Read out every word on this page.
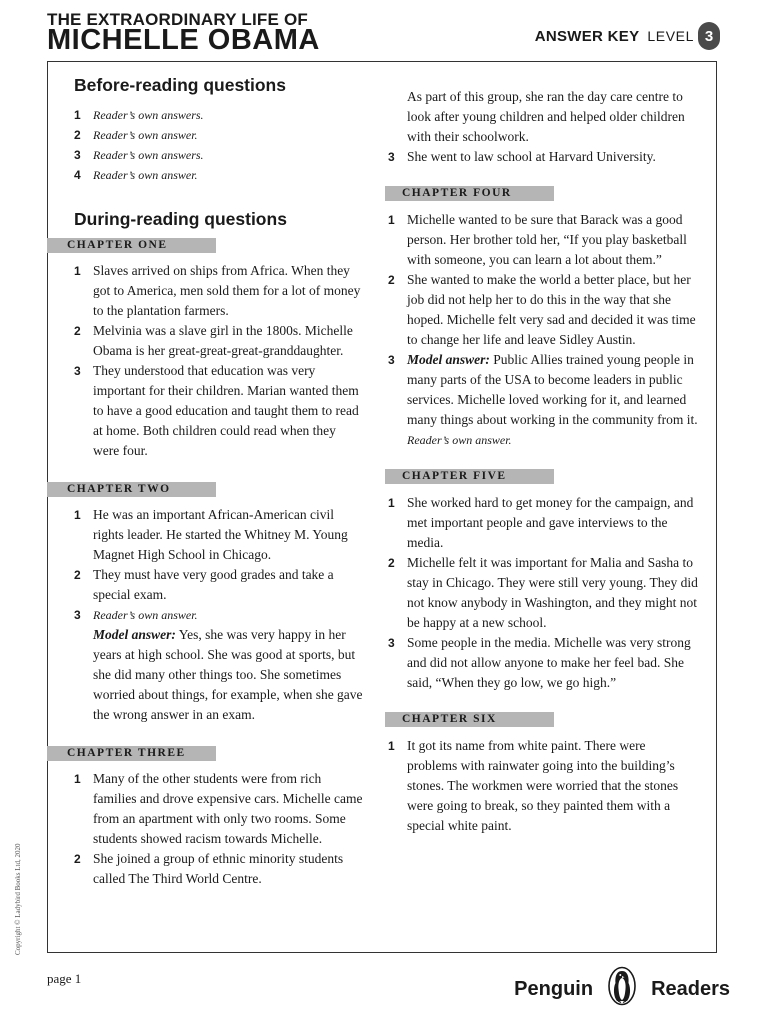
THE EXTRAORDINARY LIFE OF
MICHELLE OBAMA	ANSWER KEY LEVEL 3
Before-reading questions
1 Reader’s own answers.
2 Reader’s own answer.
3 Reader’s own answers.
4 Reader’s own answer.
During-reading questions
CHAPTER ONE
1 Slaves arrived on ships from Africa. When they got to America, men sold them for a lot of money to the plantation farmers.
2 Melvinia was a slave girl in the 1800s. Michelle Obama is her great-great-great-granddaughter.
3 They understood that education was very important for their children. Marian wanted them to have a good education and taught them to read at home. Both children could read when they were four.
CHAPTER TWO
1 He was an important African-American civil rights leader. He started the Whitney M. Young Magnet High School in Chicago.
2 They must have very good grades and take a special exam.
3 Reader’s own answer.
Model answer: Yes, she was very happy in her years at high school. She was good at sports, but she did many other things too. She sometimes worried about things, for example, when she gave the wrong answer in an exam.
CHAPTER THREE
1 Many of the other students were from rich families and drove expensive cars. Michelle came from an apartment with only two rooms. Some students showed racism towards Michelle.
2 She joined a group of ethnic minority students called The Third World Centre.
As part of this group, she ran the day care centre to look after young children and helped older children with their schoolwork.
3 She went to law school at Harvard University.
CHAPTER FOUR
1 Michelle wanted to be sure that Barack was a good person. Her brother told her, “If you play basketball with someone, you can learn a lot about them.”
2 She wanted to make the world a better place, but her job did not help her to do this in the way that she hoped. Michelle felt very sad and decided it was time to change her life and leave Sidley Austin.
3 Model answer: Public Allies trained young people in many parts of the USA to become leaders in public services. Michelle loved working for it, and learned many things about working in the community from it.
Reader’s own answer.
CHAPTER FIVE
1 She worked hard to get money for the campaign, and met important people and gave interviews to the media.
2 Michelle felt it was important for Malia and Sasha to stay in Chicago. They were still very young. They did not know anybody in Washington, and they might not be happy at a new school.
3 Some people in the media. Michelle was very strong and did not allow anyone to make her feel bad. She said, “When they go low, we go high.”
CHAPTER SIX
1 It got its name from white paint. There were problems with rainwater going into the building’s stones. The workmen were worried that the stones were going to break, so they painted them with a special white paint.
Copyright © Ladybird Books Ltd, 2020
page 1	Penguin	Readers
